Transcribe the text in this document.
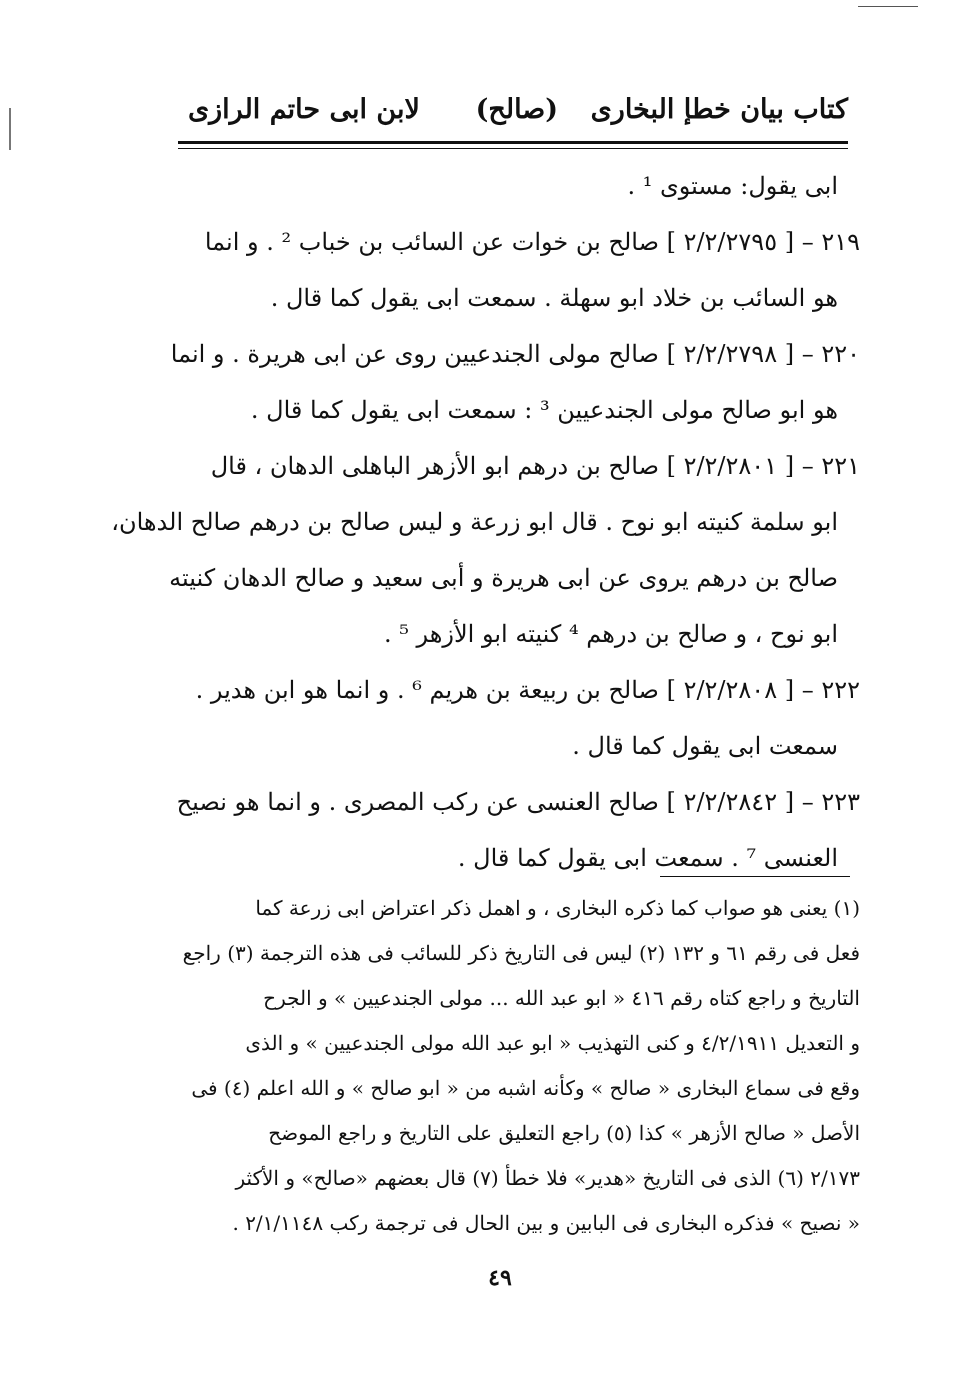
كتاب بيان خطإ البخارى
(صالح)
لابن ابى حاتم الرازى
ابى يقول: مستوى ¹ .
٢١٩ – [ ٢/٢/٢٧٩٥ ] صالح بن خوات عن السائب بن خباب ² . و انما
هو السائب بن خلاد ابو سهلة . سمعت ابى يقول كما قال .
٢٢٠ – [ ٢/٢/٢٧٩٨ ] صالح مولى الجندعيين روى عن ابى هريرة . و انما
هو ابو صالح مولى الجندعيين ³ : سمعت ابى يقول كما قال .
٢٢١ – [ ٢/٢/٢٨٠١ ] صالح بن درهم ابو الأزهر الباهلى الدهان ، قال
ابو سلمة كنيته ابو نوح . قال ابو زرعة و ليس صالح بن درهم صالح الدهان،
صالح بن درهم يروى عن ابى هريرة و أبى سعيد و صالح الدهان كنيته
ابو نوح ، و صالح بن درهم ⁴ كنيته ابو الأزهر ⁵ .
٢٢٢ – [ ٢/٢/٢٨٠٨ ] صالح بن ربيعة بن هريم ⁶ . و انما هو ابن هدير .
سمعت ابى يقول كما قال .
٢٢٣ – [ ٢/٢/٢٨٤٢ ] صالح العنسى عن ركب المصرى . و انما هو نصيح
العنسى ⁷ . سمعت ابى يقول كما قال .
(١) يعنى هو صواب كما ذكره البخارى ، و اهمل ذكر اعتراض ابى زرعة كما
فعل فى رقم ٦١ و ١٣٢ (٢) ليس فى التاريخ ذكر للسائب فى هذه الترجمة (٣) راجع
التاريخ و راجع كتاه رقم ٤١٦ « ابو عبد الله ... مولى الجندعيين » و الجرح
و التعديل ٤/٢/١٩١١ و كنى التهذيب « ابو عبد الله مولى الجندعيين » و الذى
وقع فى سماع البخارى « صالح » وكأنه اشبه من « ابو صالح » و الله اعلم (٤) فى
الأصل « صالح الأزهر » كذا (٥) راجع التعليق على التاريخ و راجع الموضح
٢/١٧٣ (٦) الذى فى التاريخ «هدير» فلا خطأ (٧) قال بعضهم «صالح» و الأكثر
« نصيح » فذكره البخارى فى البابين و بين الحال فى ترجمة ركب ٢/١/١١٤٨ .
٤٩
